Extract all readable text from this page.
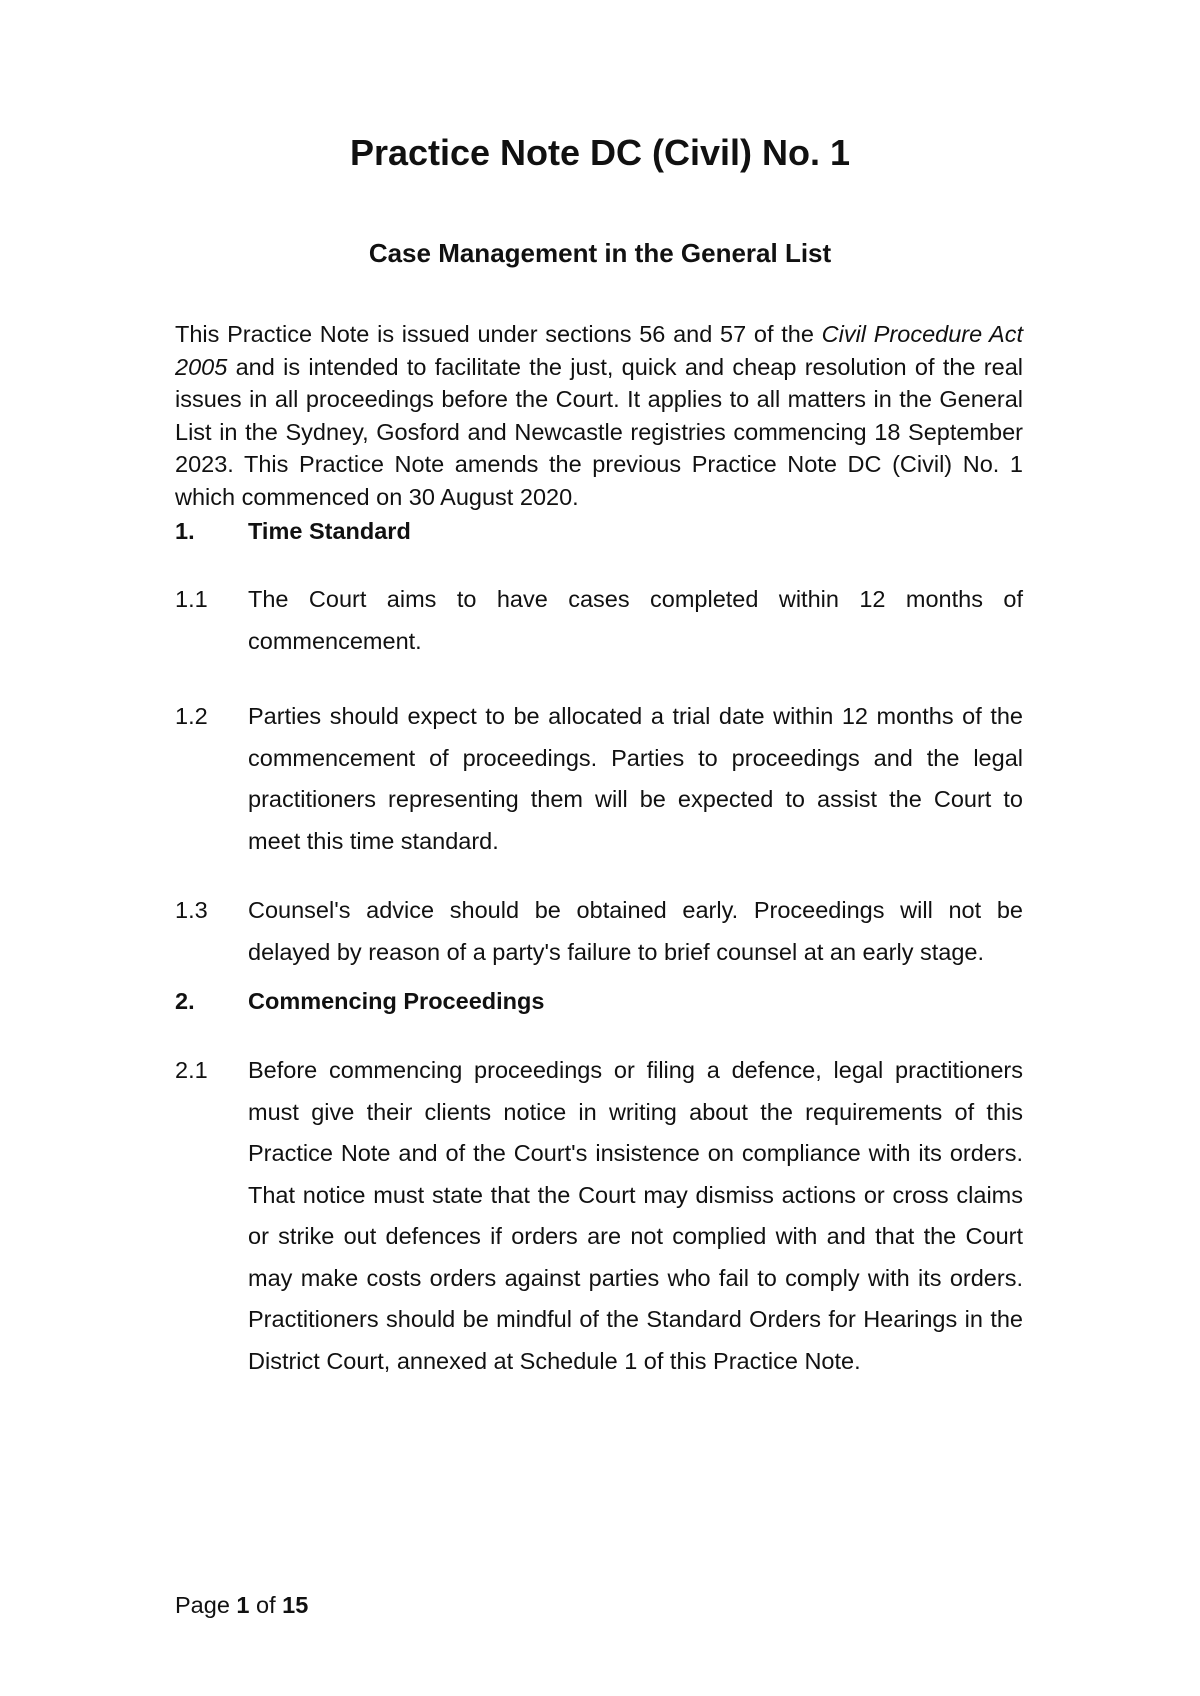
Practice Note DC (Civil) No. 1
Case Management in the General List

This Practice Note is issued under sections 56 and 57 of the Civil Procedure Act 2005 and is intended to facilitate the just, quick and cheap resolution of the real issues in all proceedings before the Court. It applies to all matters in the General List in the Sydney, Gosford and Newcastle registries commencing 18 September 2023. This Practice Note amends the previous Practice Note DC (Civil) No. 1 which commenced on 30 August 2020.

1. Time Standard

1.1 The Court aims to have cases completed within 12 months of commencement.

1.2 Parties should expect to be allocated a trial date within 12 months of the commencement of proceedings. Parties to proceedings and the legal practitioners representing them will be expected to assist the Court to meet this time standard.

1.3 Counsel's advice should be obtained early. Proceedings will not be delayed by reason of a party's failure to brief counsel at an early stage.

2. Commencing Proceedings

2.1 Before commencing proceedings or filing a defence, legal practitioners must give their clients notice in writing about the requirements of this Practice Note and of the Court's insistence on compliance with its orders. That notice must state that the Court may dismiss actions or cross claims or strike out defences if orders are not complied with and that the Court may make costs orders against parties who fail to comply with its orders. Practitioners should be mindful of the Standard Orders for Hearings in the District Court, annexed at Schedule 1 of this Practice Note.

Page 1 of 15
